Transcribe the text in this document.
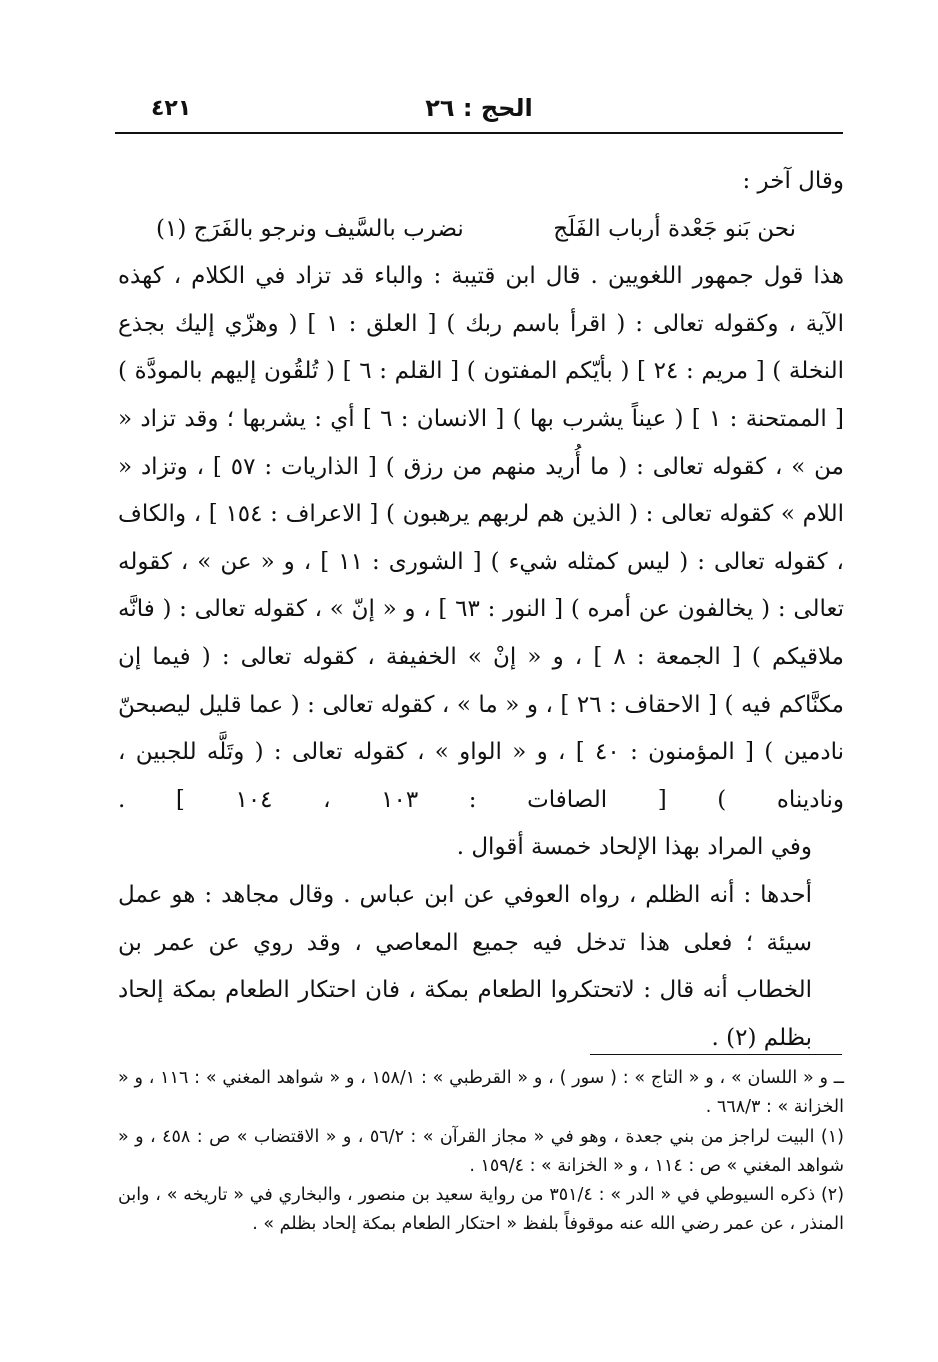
٤٢١	الحج : ٢٦

وقال آخر :

نحن بَنو جَعْدة أرباب الفَلَج
نضرب بالسَّيف ونرجو بالفَرَج (١)

هذا قول جمهور اللغويين . قال ابن قتيبة : والباء قد تزاد في الكلام ، كهذه الآية ، وكقوله تعالى : ( اقرأ باسم ربك ) [ العلق : ١ ] ( وهزّي إليك بجذع النخلة ) [ مريم : ٢٤ ] ( بأيّكم المفتون ) [ القلم : ٦ ] ( تُلقُون إليهم بالمودَّة ) [ الممتحنة : ١ ] ( عيناً يشرب بها ) [ الانسان : ٦ ] أي : يشربها ؛ وقد تزاد « من » ، كقوله تعالى : ( ما أُريد منهم من رزق ) [ الذاريات : ٥٧ ] ، وتزاد « اللام » كقوله تعالى : ( الذين هم لربهم يرهبون ) [ الاعراف : ١٥٤ ] ، والكاف ، كقوله تعالى : ( ليس كمثله شيء ) [ الشورى : ١١ ] ، و « عن » ، كقوله تعالى : ( يخالفون عن أمره ) [ النور : ٦٣ ] ، و « إنّ » ، كقوله تعالى : ( فانَّه ملاقيكم ) [ الجمعة : ٨ ] ، و « إنْ » الخفيفة ، كقوله تعالى : ( فيما إن مكنَّاكم فيه ) [ الاحقاف : ٢٦ ] ، و « ما » ، كقوله تعالى : ( عما قليل ليصبحنّ نادمين ) [ المؤمنون : ٤٠ ] ، و « الواو » ، كقوله تعالى : ( وتَلَّه للجبين ، وناديناه ) [ الصافات : ١٠٣ ، ١٠٤ ] .

وفي المراد بهذا الإلحاد خمسة أقوال .

أحدها : أنه الظلم ، رواه العوفي عن ابن عباس . وقال مجاهد : هو عمل سيئة ؛ فعلى هذا تدخل فيه جميع المعاصي ، وقد روي عن عمر بن الخطاب أنه قال : لاتحتكروا الطعام بمكة ، فان احتكار الطعام بمكة إلحاد بظلم (٢) .

ــ و « اللسان » ، و « التاج » : ( سور ) ، و « القرطبي » : ١٥٨/١ ، و « شواهد المغني » : ١١٦ ، و « الخزانة » : ٦٦٨/٣ .

(١) البيت لراجز من بني جعدة ، وهو في « مجاز القرآن » : ٥٦/٢ ، و « الاقتضاب » ص : ٤٥٨ ، و « شواهد المغني » ص : ١١٤ ، و « الخزانة » : ١٥٩/٤ .

(٢) ذكره السيوطي في « الدر » : ٣٥١/٤ من رواية سعيد بن منصور ، والبخاري في « تاريخه » ، وابن المنذر ، عن عمر رضي الله عنه موقوفاً بلفظ « احتكار الطعام بمكة إلحاد بظلم » .
